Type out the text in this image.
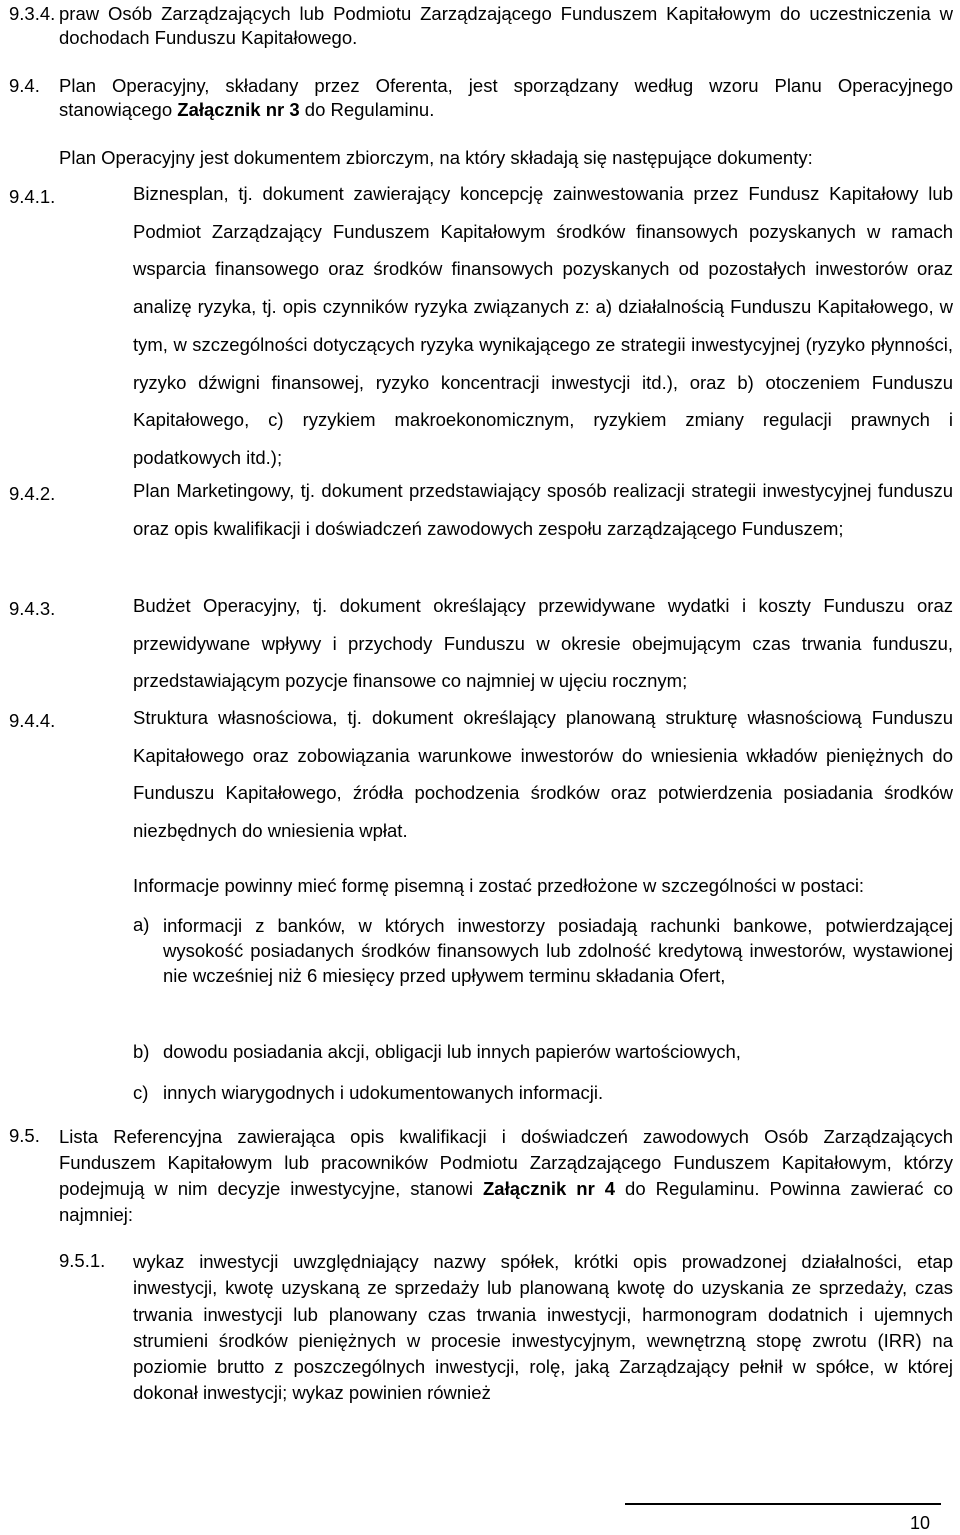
9.3.4. praw Osób Zarządzających lub Podmiotu Zarządzającego Funduszem Kapitałowym do uczestniczenia w dochodach Funduszu Kapitałowego.
9.4.	Plan Operacyjny, składany przez Oferenta, jest sporządzany według wzoru Planu Operacyjnego stanowiącego Załącznik nr 3 do Regulaminu.
Plan Operacyjny jest dokumentem zbiorczym, na który składają się następujące dokumenty:
9.4.1.	Biznesplan, tj. dokument zawierający koncepcję zainwestowania przez Fundusz Kapitałowy lub Podmiot Zarządzający Funduszem Kapitałowym środków finansowych pozyskanych w ramach wsparcia finansowego oraz środków finansowych pozyskanych od pozostałych inwestorów oraz analizę ryzyka, tj. opis czynników ryzyka związanych z: a) działalnością Funduszu Kapitałowego, w tym, w szczególności dotyczących ryzyka wynikającego ze strategii inwestycyjnej (ryzyko płynności, ryzyko dźwigni finansowej, ryzyko koncentracji inwestycji itd.), oraz b) otoczeniem Funduszu Kapitałowego, c) ryzykiem makroekonomicznym, ryzykiem zmiany regulacji prawnych i podatkowych itd.);
9.4.2.	Plan Marketingowy, tj. dokument przedstawiający sposób realizacji strategii inwestycyjnej funduszu oraz opis kwalifikacji i doświadczeń zawodowych zespołu zarządzającego Funduszem;
9.4.3.	Budżet Operacyjny, tj. dokument określający przewidywane wydatki i koszty Funduszu oraz przewidywane wpływy i przychody Funduszu w okresie obejmującym czas trwania funduszu, przedstawiającym pozycje finansowe co najmniej w ujęciu rocznym;
9.4.4.	Struktura własnościowa, tj. dokument określający planowaną strukturę własnościową Funduszu Kapitałowego oraz zobowiązania warunkowe inwestorów do wniesienia wkładów pieniężnych do Funduszu Kapitałowego, źródła pochodzenia środków oraz potwierdzenia posiadania środków niezbędnych do wniesienia wpłat.
Informacje powinny mieć formę pisemną i zostać przedłożone w szczególności w postaci:
a) informacji z banków, w których inwestorzy posiadają rachunki bankowe, potwierdzającej wysokość posiadanych środków finansowych lub zdolność kredytową inwestorów, wystawionej nie wcześniej niż 6 miesięcy przed upływem terminu składania Ofert,
b) dowodu posiadania akcji, obligacji lub innych papierów wartościowych,
c) innych wiarygodnych i udokumentowanych informacji.
9.5.	Lista Referencyjna zawierająca opis kwalifikacji i doświadczeń zawodowych Osób Zarządzających Funduszem Kapitałowym lub pracowników Podmiotu Zarządzającego Funduszem Kapitałowym, którzy podejmują w nim decyzje inwestycyjne, stanowi Załącznik nr 4 do Regulaminu. Powinna zawierać co najmniej:
9.5.1.	wykaz inwestycji uwzględniający nazwy spółek, krótki opis prowadzonej działalności, etap inwestycji, kwotę uzyskaną ze sprzedaży lub planowaną kwotę do uzyskania ze sprzedaży, czas trwania inwestycji lub planowany czas trwania inwestycji, harmonogram dodatnich i ujemnych strumieni środków pieniężnych w procesie inwestycyjnym, wewnętrzną stopę zwrotu (IRR) na poziomie brutto z poszczególnych inwestycji, rolę, jaką Zarządzający pełnił w spółce, w której dokonał inwestycji; wykaz powinien również
10
